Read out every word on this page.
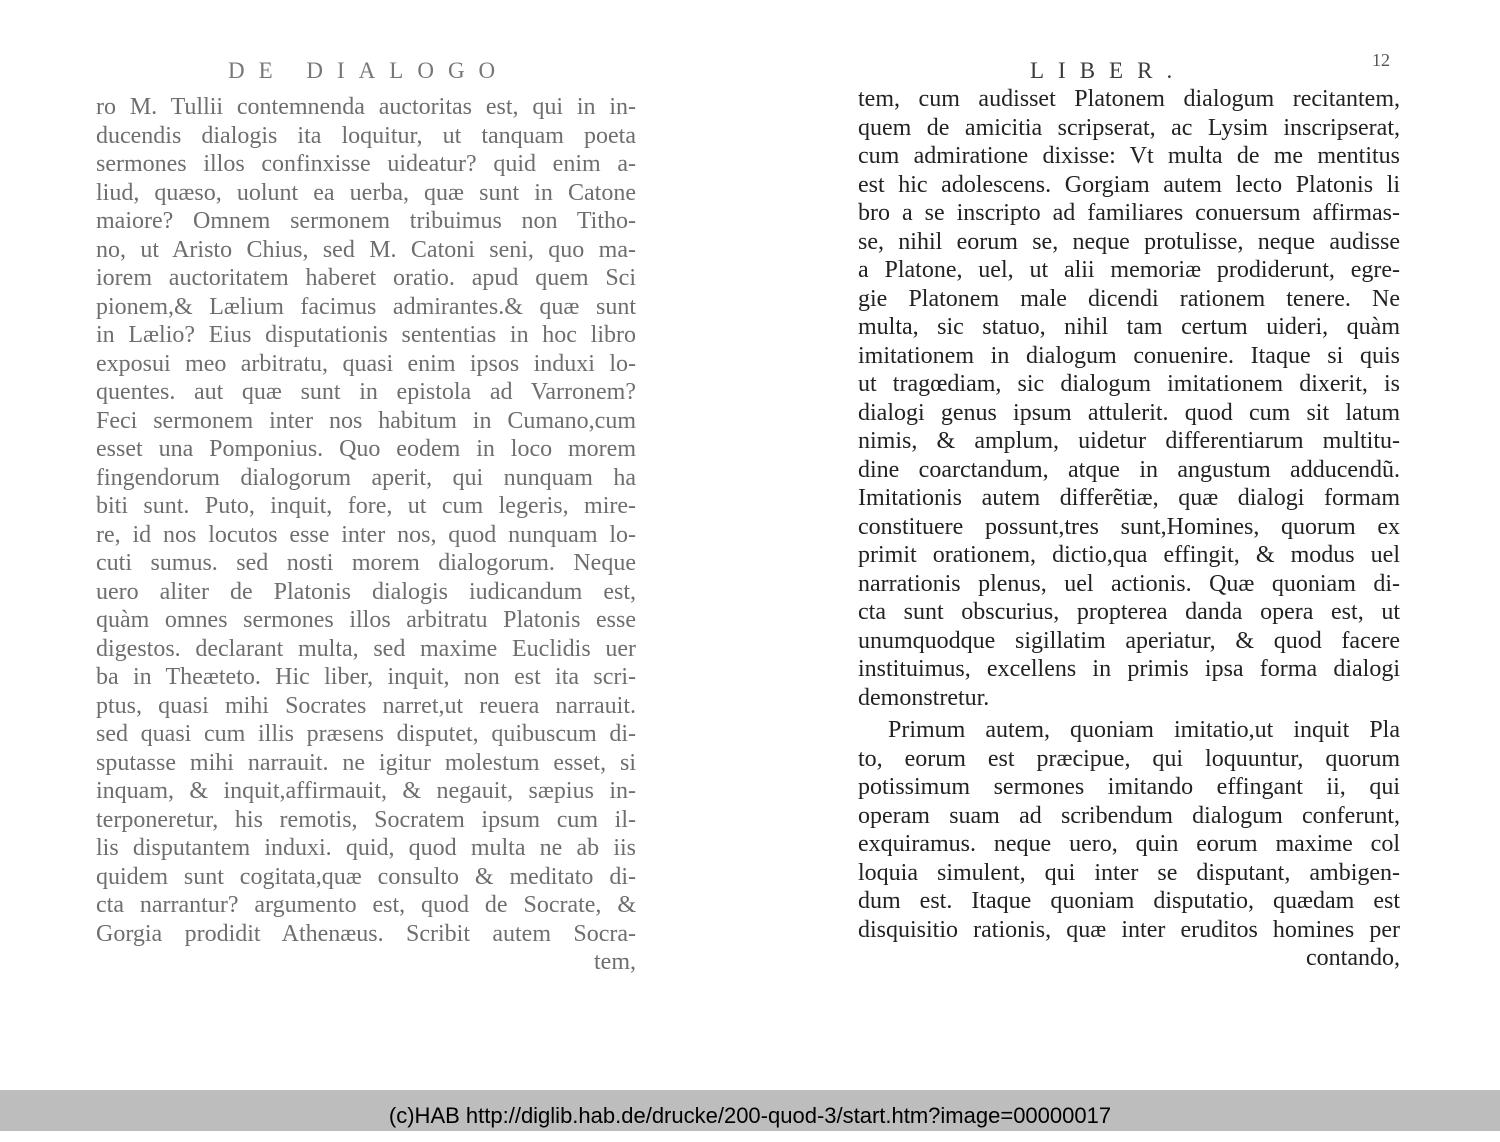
DE DIALOGO
ro M. Tullii contemnenda auctoritas est, qui in in-
ducendis dialogis ita loquitur, ut tanquam poeta
sermones illos confinxisse uideatur? quid enim a-
liud, quæso, uolunt ea uerba, quæ sunt in Catone
maiore? Omnem sermonem tribuimus non Titho-
no, ut Aristo Chius, sed M. Catoni seni, quo ma-
iorem auctoritatem haberet oratio. apud quem Sci
pionem,& Lælium facimus admirantes.& quæ sunt
in Lælio? Eius disputationis sententias in hoc libro
exposui meo arbitratu, quasi enim ipsos induxi lo-
quentes. aut quæ sunt in epistola ad Varronem?
Feci sermonem inter nos habitum in Cumano,cum
esset una Pomponius. Quo eodem in loco morem
fingendorum dialogorum aperit, qui nunquam ha
biti sunt. Puto, inquit, fore, ut cum legeris, mire-
re, id nos locutos esse inter nos, quod nunquam lo-
cuti sumus. sed nosti morem dialogorum. Neque
uero aliter de Platonis dialogis iudicandum est,
quàm omnes sermones illos arbitratu Platonis esse
digestos. declarant multa, sed maxime Euclidis uer
ba in Theæteto. Hic liber, inquit, non est ita scri-
ptus, quasi mihi Socrates narret,ut reuera narrauit.
sed quasi cum illis præsens disputet, quibuscum di-
sputasse mihi narrauit. ne igitur molestum esset, si
inquam, & inquit,affirmauit, & negauit, sæpius in-
terponeretur, his remotis, Socratem ipsum cum il-
lis disputantem induxi. quid, quod multa ne ab iis
quidem sunt cogitata,quæ consulto & meditato di-
cta narrantur? argumento est, quod de Socrate, &
Gorgia prodidit Athenæus. Scribit autem Socra-
tem,
LIBER.	12
tem, cum audisset Platonem dialogum recitantem,
quem de amicitia scripserat, ac Lysim inscripserat,
cum admiratione dixisse: Vt multa de me mentitus
est hic adolescens. Gorgiam autem lecto Platonis li
bro a se inscripto ad familiares conuersum affirmas-
se, nihil eorum se, neque protulisse, neque audisse
a Platone, uel, ut alii memoriæ prodiderunt, egre-
gie Platonem male dicendi rationem tenere. Ne
multa, sic statuo, nihil tam certum uideri, quàm
imitationem in dialogum conuenire. Itaque si quis
ut tragœdiam, sic dialogum imitationem dixerit, is
dialogi genus ipsum attulerit. quod cum sit latum
nimis, & amplum, uidetur differentiarum multitu-
dine coarctandum, atque in angustum adducendũ.
Imitationis autem differẽtiæ, quæ dialogi formam
constituere possunt,tres sunt,Homines, quorum ex
primit orationem, dictio,qua effingit, & modus uel
narrationis plenus, uel actionis. Quæ quoniam di-
cta sunt obscurius, propterea danda opera est, ut
unumquodque sigillatim aperiatur, & quod facere
instituimus, excellens in primis ipsa forma dialogi
demonstretur.
Primum autem, quoniam imitatio,ut inquit Pla
to, eorum est præcipue, qui loquuntur, quorum
potissimum sermones imitando effingant ii, qui
operam suam ad scribendum dialogum conferunt,
exquiramus. neque uero, quin eorum maxime col
loquia simulent, qui inter se disputant, ambigen-
dum est. Itaque quoniam disputatio, quædam est
disquisitio rationis, quæ inter eruditos homines per
contando,
(c)HAB http://diglib.hab.de/drucke/200-quod-3/start.htm?image=00000017
